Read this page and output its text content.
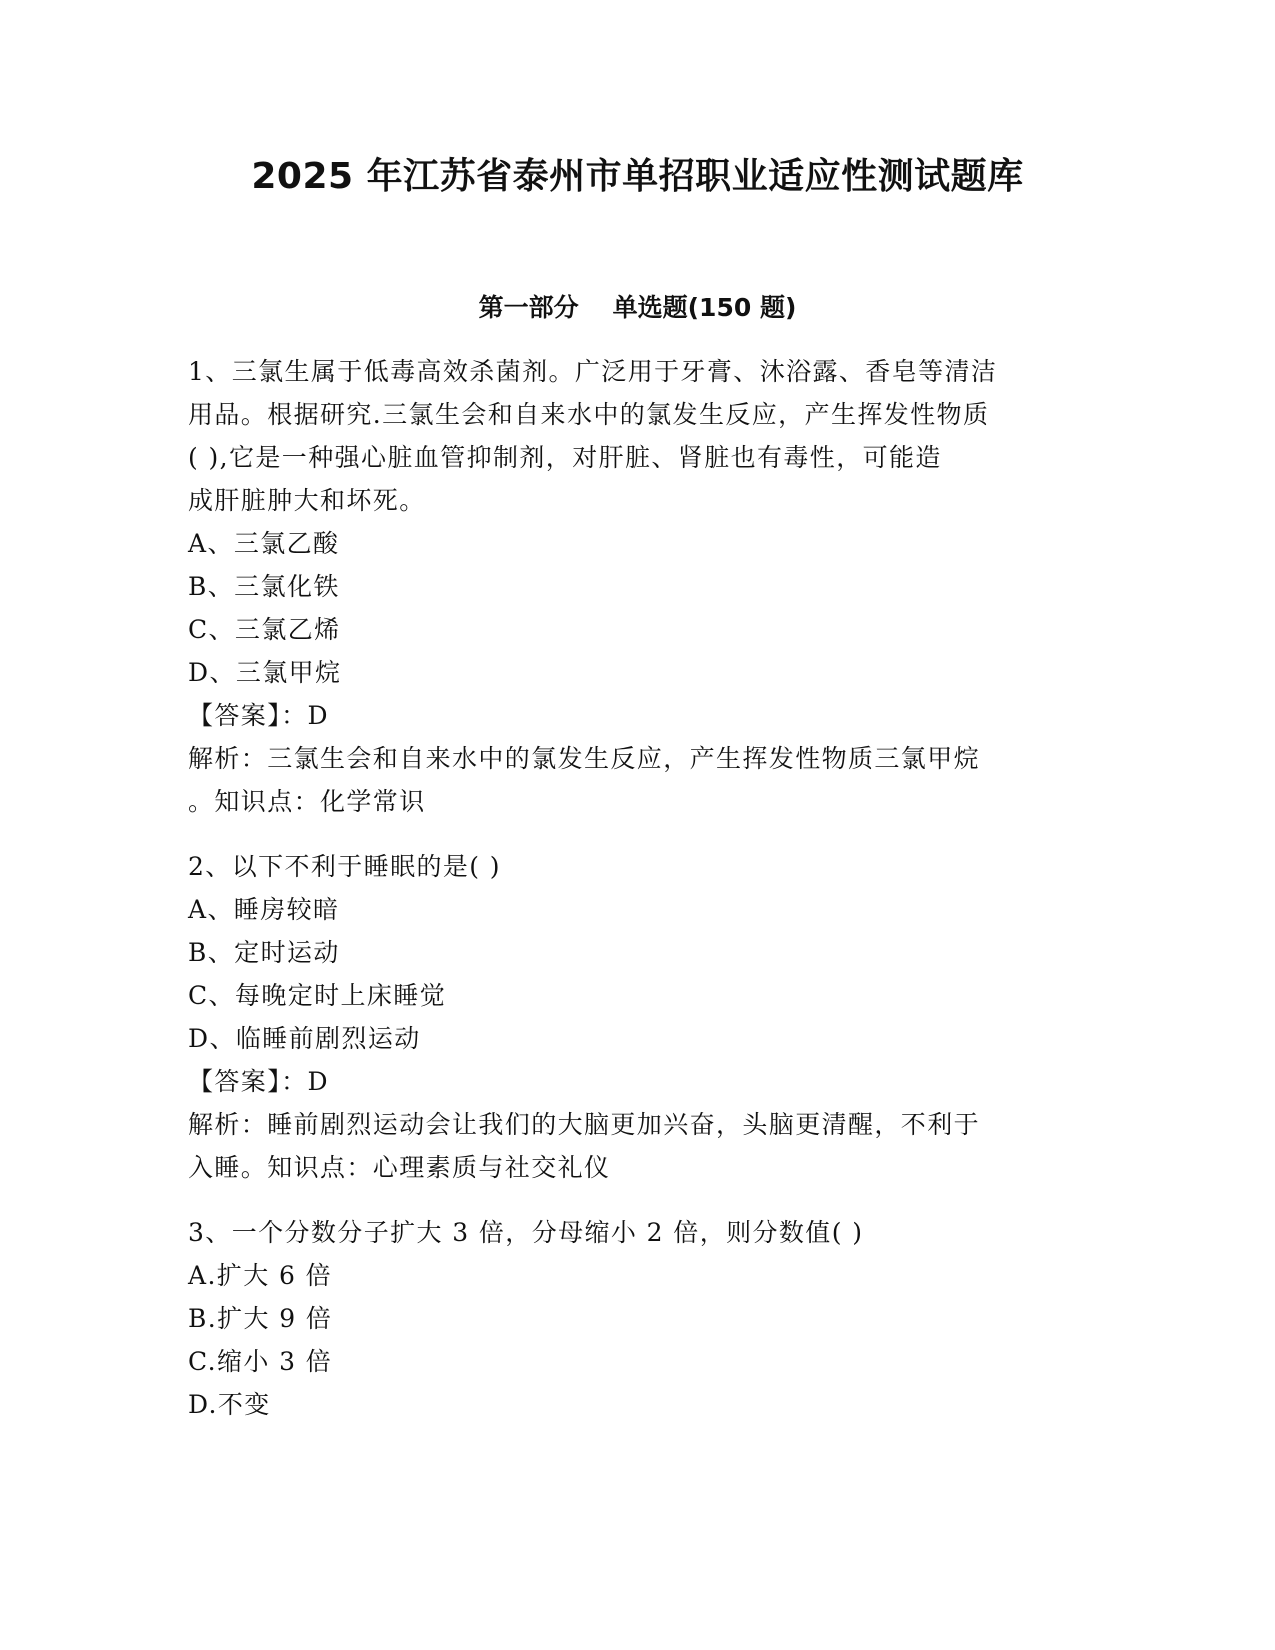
2025 年江苏省泰州市单招职业适应性测试题库
第一部分 单选题(150 题)
1、三氯生属于低毒高效杀菌剂。广泛用于牙膏、沐浴露、香皂等清洁
用品。根据研究.三氯生会和自来水中的氯发生反应，产生挥发性物质
( ),它是一种强心脏血管抑制剂，对肝脏、肾脏也有毒性，可能造
成肝脏肿大和坏死。
A、三氯乙酸
B、三氯化铁
C、三氯乙烯
D、三氯甲烷
【答案】：D
解析：三氯生会和自来水中的氯发生反应，产生挥发性物质三氯甲烷
。知识点：化学常识
2、以下不利于睡眠的是( )
A、睡房较暗
B、定时运动
C、每晚定时上床睡觉
D、临睡前剧烈运动
【答案】：D
解析：睡前剧烈运动会让我们的大脑更加兴奋，头脑更清醒，不利于
入睡。知识点：心理素质与社交礼仪
3、一个分数分子扩大 3 倍，分母缩小 2 倍，则分数值( )
A.扩大 6 倍
B.扩大 9 倍
C.缩小 3 倍
D.不变
